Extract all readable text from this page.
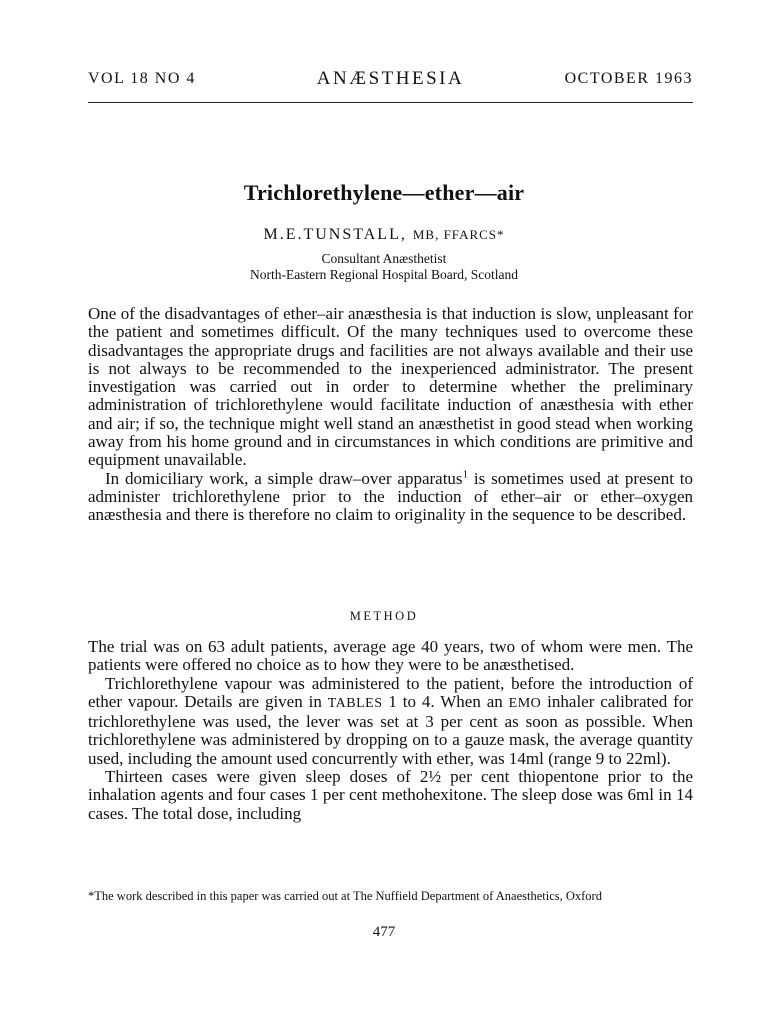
VOL 18 NO 4	ANÆSTHESIA	OCTOBER 1963
Trichlorethylene—ether—air
M.E.TUNSTALL, MB, FFARCS*
Consultant Anæsthetist
North-Eastern Regional Hospital Board, Scotland

One of the disadvantages of ether–air anæsthesia is that induction is slow, unpleasant for the patient and sometimes difficult. Of the many techniques used to overcome these disadvantages the appropriate drugs and facilities are not always available and their use is not always to be recommended to the inexperienced administrator. The present investigation was carried out in order to determine whether the preliminary administration of trichlorethylene would facilitate induction of anæsthesia with ether and air; if so, the technique might well stand an anæsthetist in good stead when working away from his home ground and in circumstances in which conditions are primitive and equipment unavailable.

In domiciliary work, a simple draw–over apparatus$^1$ is sometimes used at present to administer trichlorethylene prior to the induction of ether–air or ether–oxygen anæsthesia and there is therefore no claim to originality in the sequence to be described.

METHOD

The trial was on 63 adult patients, average age 40 years, two of whom were men. The patients were offered no choice as to how they were to be anæsthetised.

Trichlorethylene vapour was administered to the patient, before the introduction of ether vapour. Details are given in TABLES 1 to 4. When an EMO inhaler calibrated for trichlorethylene was used, the lever was set at 3 per cent as soon as possible. When trichlorethylene was administered by dropping on to a gauze mask, the average quantity used, including the amount used concurrently with ether, was 14ml (range 9 to 22ml).

Thirteen cases were given sleep doses of 2½ per cent thiopentone prior to the inhalation agents and four cases 1 per cent methohexitone. The sleep dose was 6ml in 14 cases. The total dose, including

*The work described in this paper was carried out at The Nuffield Department of Anaesthetics, Oxford
477
